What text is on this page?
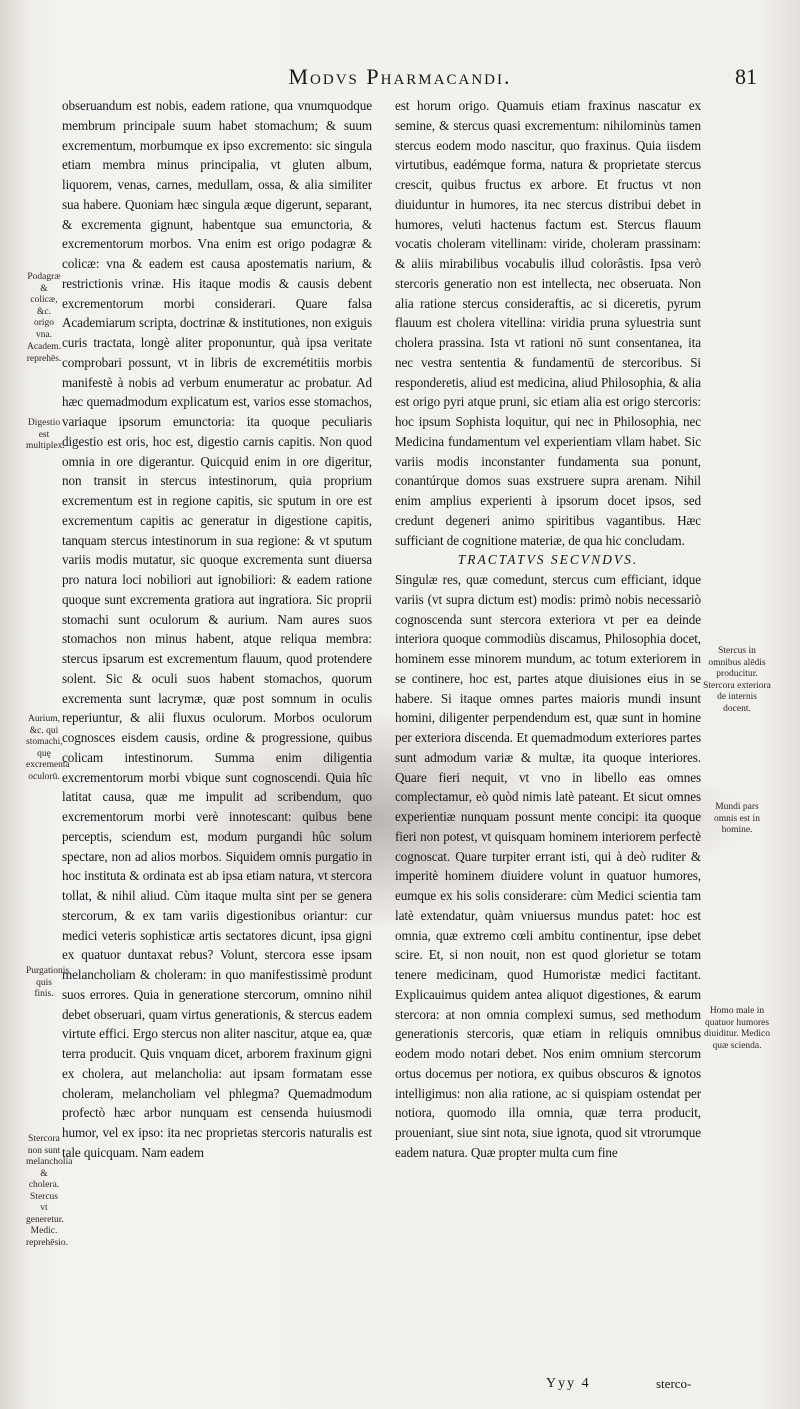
Modvs Pharmacandi.	81

obseruandum est nobis, eadem ratione, qua vnumquodque membrum principale suum habet stomachum; & suum excrementum, morbumque ex ipso excremento: sic singula etiam membra minus principalia, vt gluten album, liquorem, venas, carnes, medullam, ossa, & alia similiter sua habere. Quoniam hæc singula æque digerunt, separant, & excrementa gignunt, habentque sua emunctoria, & excrementorum morbos. Vna enim est origo podagræ & colicæ: vna & eadem est causa apostematis narium, & restrictionis vrinæ. His itaque modis & causis debent excrementorum morbi considerari. Quare falsa Academiarum scripta, doctrinæ & institutiones, non exiguis curis tractata, longè aliter proponuntur, quà ipsa veritate comprobari possunt, vt in libris de excremétitiis morbis manifestè à nobis ad verbum enumeratur ac probatur. Ad hæc quemadmodum explicatum est, varios esse stomachos, variaque ipsorum emunctoria: ita quoque peculiaris digestio est oris, hoc est, digestio carnis capitis. Non quod omnia in ore digerantur. Quicquid enim in ore digeritur, non transit in stercus intestinorum, quia proprium excrementum est in regione capitis, sic sputum in ore est excrementum capitis ac generatur in digestione capitis, tanquam stercus intestinorum in sua regione: & vt sputum variis modis mutatur, sic quoque excrementa sunt diuersa pro natura loci nobiliori aut ignobiliori: & eadem ratione quoque sunt excrementa gratiora aut ingratiora. Sic proprii stomachi sunt oculorum & aurium. Nam aures suos stomachos non minus habent, atque reliqua membra: stercus ipsarum est excrementum flauum, quod protendere solent. Sic & oculi suos habent stomachos, quorum excrementa sunt lacrymæ, quæ post somnum in oculis reperiuntur, & alii fluxus oculorum. Morbos oculorum cognosces eisdem causis, ordine & progressione, quibus colicam intestinorum. Summa enim diligentia excrementorum morbi vbique sunt cognoscendi. Quia hîc latitat causa, quæ me impulit ad scribendum, quo excrementorum morbi verè innotescant: quibus bene perceptis, sciendum est, modum purgandi hûc solum spectare, non ad alios morbos. Siquidem omnis purgatio in hoc instituta & ordinata est ab ipsa etiam natura, vt stercora tollat, & nihil aliud. Cùm itaque multa sint per se genera stercorum, & ex tam variis digestionibus oriantur: cur medici veteris sophisticæ artis sectatores dicunt, ipsa gigni ex quatuor duntaxat rebus? Volunt, stercora esse ipsam melancholiam & choleram: in quo manifestissimè produnt suos errores. Quia in generatione stercorum, omnino nihil debet obseruari, quam virtus generationis, & stercus eadem virtute effici. Ergo stercus non aliter nascitur, atque ea, quæ terra producit. Quis vnquam dicet, arborem fraxinum gigni ex cholera, aut melancholia: aut ipsam formatam esse choleram, melancholiam vel phlegma? Quemadmodum profectò hæc arbor nunquam est censenda huiusmodi humor, vel ex ipso: ita nec proprietas stercoris naturalis est tale quicquam. Nam eadem

est horum origo. Quamuis etiam fraxinus nascatur ex semine, & stercus quasi excrementum: nihilominùs tamen stercus eodem modo nascitur, quo fraxinus. Quia iisdem virtutibus, eadémque forma, natura & proprietate stercus crescit, quibus fructus ex arbore. Et fructus vt non diuiduntur in humores, ita nec stercus distribui debet in humores, veluti hactenus factum est. Stercus flauum vocatis choleram vitellinam: viride, choleram prassinam: & aliis mirabilibus vocabulis illud colorâstis. Ipsa verò stercoris generatio non est intellecta, nec obseruata. Non alia ratione stercus consideraftis, ac si diceretis, pyrum flauum est cholera vitellina: viridia pruna syluestria sunt cholera prassina. Ista vt rationi nō sunt consentanea, ita nec vestra sententia & fundamentū de stercoribus. Si responderetis, aliud est medicina, aliud Philosophia, & alia est origo pyri atque pruni, sic etiam alia est origo stercoris: hoc ipsum Sophista loquitur, qui nec in Philosophia, nec Medicina fundamentum vel experientiam vllam habet. Sic variis modis inconstanter fundamenta sua ponunt, conantúrque domos suas exstruere supra arenam. Nihil enim amplius experienti à ipsorum docet ipsos, sed credunt degeneri animo spiritibus vagantibus. Hæc sufficiant de cognitione materiæ, de qua hic concludam.

TRACTATVS SECVNDVS.

Singulæ res, quæ comedunt, stercus cum efficiant, idque variis (vt supra dictum est) modis: primò nobis necessariò cognoscenda sunt stercora exteriora vt per ea deinde interiora quoque commodiùs discamus, Philosophia docet, hominem esse minorem mundum, ac totum exteriorem in se continere, hoc est, partes atque diuisiones eius in se habere. Si itaque omnes partes maioris mundi insunt homini, diligenter perpendendum est, quæ sunt in homine per exteriora discenda. Et quemadmodum exteriores partes sunt admodum variæ & multæ, ita quoque interiores. Quare fieri nequit, vt vno in libello eas omnes complectamur, eò quòd nimis latè pateant. Et sicut omnes experientiæ nunquam possunt mente concipi: ita quoque fieri non potest, vt quisquam hominem interiorem perfectè cognoscat. Quare turpiter errant isti, qui à deò ruditer & imperitè hominem diuidere volunt in quatuor humores, eumque ex his solis considerare: cùm Medici scientia tam latè extendatur, quàm vniuersus mundus patet: hoc est omnia, quæ extremo cœli ambitu continentur, ipse debet scire. Et, si non nouit, non est quod glorietur se totam tenere medicinam, quod Humoristæ medici factitant. Explicauimus quidem antea aliquot digestiones, & earum stercora: at non omnia complexi sumus, sed methodum generationis stercoris, quæ etiam in reliquis omnibus eodem modo notari debet. Nos enim omnium stercorum ortus docemus per notiora, ex quibus obscuros & ignotos intelligimus: non alia ratione, ac si quispiam ostendat per notiora, quomodo illa omnia, quæ terra producit, proueniant, siue sint nota, siue ignota, quod sit vtrorumque eadem natura. Quæ propter multa cum fine

Podagræ & colicæ, &c. origo vna.
Academ. reprehēs.
Digestio est multiplex.
Aurium, &c. qui stomachi, quę excrementa oculorū.
Purgationis quis finis.
Stercora non sunt melancholia & cholera. Stercus vt generetur. Medic. reprehēsio.
Stercus in omnibus alēdis producitur. Stercora exteriora de internis docent.
Mundi pars omnis est in homine.
Homo male in quatuor humores diuiditur. Medico quæ scienda.
Yyy 4	sterco-
